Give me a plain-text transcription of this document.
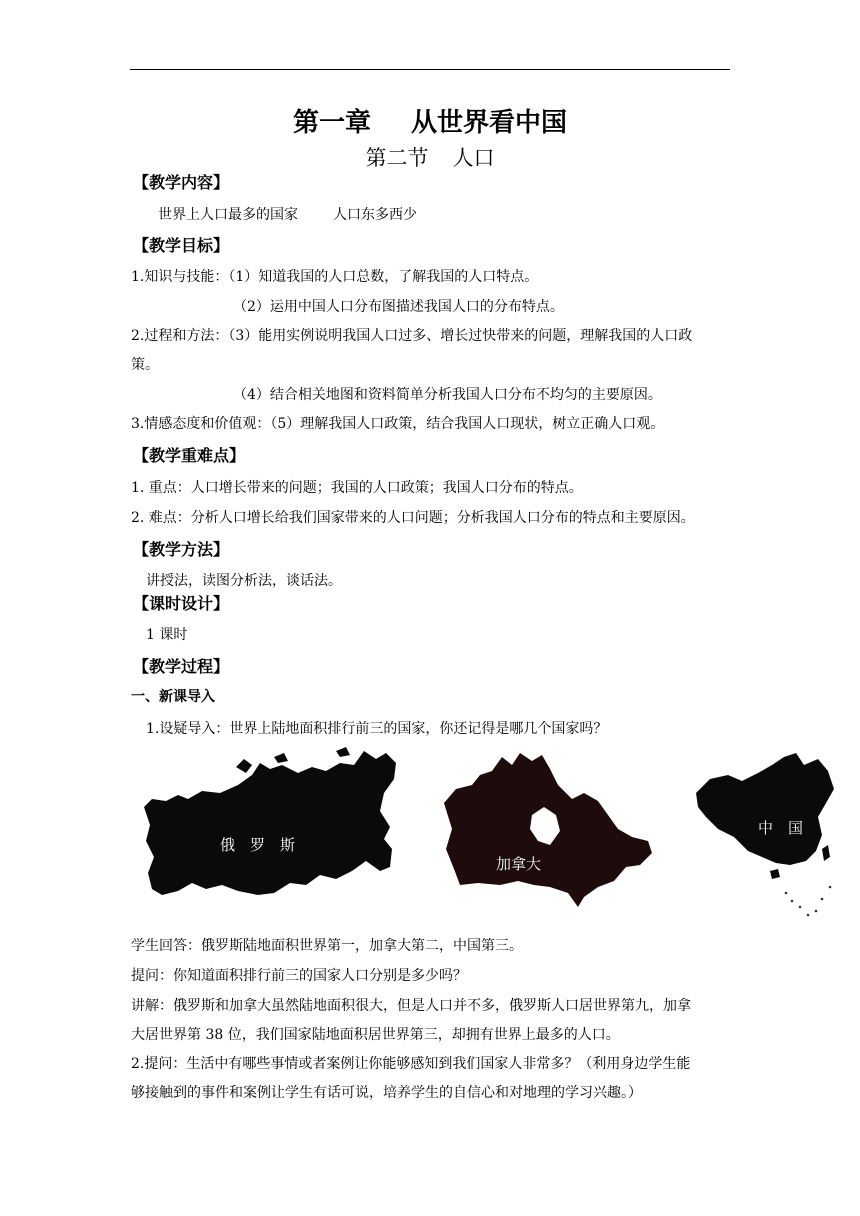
第一章 从世界看中国
第二节 人口
【教学内容】
世界上人口最多的国家	人口东多西少
【教学目标】
1.知识与技能：（1）知道我国的人口总数，了解我国的人口特点。
（2）运用中国人口分布图描述我国人口的分布特点。
2.过程和方法：（3）能用实例说明我国人口过多、增长过快带来的问题，理解我国的人口政
策。
（4）结合相关地图和资料简单分析我国人口分布不均匀的主要原因。
3.情感态度和价值观：（5）理解我国人口政策，结合我国人口现状，树立正确人口观。
【教学重难点】
1. 重点：人口增长带来的问题；我国的人口政策；我国人口分布的特点。
2. 难点：分析人口增长给我们国家带来的人口问题；分析我国人口分布的特点和主要原因。
【教学方法】
讲授法，读图分析法，谈话法。
【课时设计】
1 课时
【教学过程】
一、新课导入
1.设疑导入：世界上陆地面积排行前三的国家，你还记得是哪几个国家吗？
俄　罗　斯
加拿大
中　国
学生回答：俄罗斯陆地面积世界第一，加拿大第二，中国第三。
提问：你知道面积排行前三的国家人口分别是多少吗？
讲解：俄罗斯和加拿大虽然陆地面积很大，但是人口并不多，俄罗斯人口居世界第九，加拿
大居世界第 38 位，我们国家陆地面积居世界第三，却拥有世界上最多的人口。
2.提问：生活中有哪些事情或者案例让你能够感知到我们国家人非常多？（利用身边学生能
够接触到的事件和案例让学生有话可说，培养学生的自信心和对地理的学习兴趣。）
